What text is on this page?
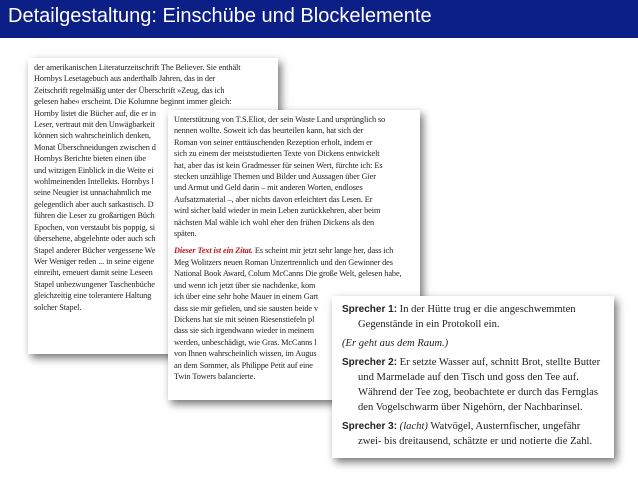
Detailgestaltung: Einschübe und Blockelemente

der amerikanischen Literaturzeitschrift The Believer. Sie enthält

Hornbys Lesetagebuch aus anderthalb Jahren, das in der

Zeitschrift regelmäßig unter der Überschrift »Zeug, das ich

gelesen habe« erscheint. Die Kolumne beginnt immer gleich:

Hornby listet die Bücher auf, die er in

Leser, vertraut mit den Unwägbarkeit

können sich wahrscheinlich denken,

Monat Überschneidungen zwischen d

Hornbys Berichte bieten einen übe

und witzigen Einblick in die Weite ei

wohlmeinenden Intellekts. Hornbys l

seine Neugier ist unnachahmlich me

gelegentlich aber auch sarkastisch. D

führen die Leser zu großartigen Büch

Epochen, von verstaubt bis poppig, si

übersehene, abgelehnte oder auch sch

Stapel anderer Bücher vergessene We

Wer Weniger reden ... in seine eigene

einreiht, erneuert damit seine Leseen

Stapel unbezwungener Taschenbüche

gleichzeitig eine tolerantere Haltung

solcher Stapel.

Unterstützung von T.S.Eliot, der sein Waste Land ursprünglich so

nennen wollte. Soweit ich das beurteilen kann, hat sich der

Roman von seiner enttäuschenden Rezeption erholt, indem er

sich zu einem der meiststudierten Texte von Dickens entwickelt

hat, aber das ist kein Gradmesser für seinen Wert, fürchte ich: Es

stecken unzählige Themen und Bilder und Aussagen über Gier

und Armut und Geld darin – mit anderen Worten, endloses

Aufsatzmaterial –, aber nichts davon erleichtert das Lesen. Er

wird sicher bald wieder in mein Leben zurückkehren, aber beim

nächsten Mal wähle ich wohl eher den frühen Dickens als den

späten.

Dieser Text ist ein Zitat. Es scheint mir jetzt sehr lange her, dass ich

Meg Wolitzers neuen Roman Unzertrennlich und den Gewinner des

National Book Award, Colum McCanns Die große Welt, gelesen habe,

und wenn ich jetzt über sie nachdenke, kom

ich über eine sehr hohe Mauer in einem Gart

dass sie mir gefielen, und sie sausten beide v

Dickens hat sie mit seinen Riesenstiefeln pl

dass sie sich irgendwann wieder in meinem

werden, unbeschädigt, wie Gras. McCanns l

von Ihnen wahrscheinlich wissen, im Augus

an dem Sommer, als Philippe Petit auf eine

Twin Towers balancierte.

Sprecher 1: In der Hütte trug er die angeschwemmten Gegenstände in ein Protokoll ein.

(Er geht aus dem Raum.)

Sprecher 2: Er setzte Wasser auf, schnitt Brot, stellte Butter und Marmelade auf den Tisch und goss den Tee auf. Während der Tee zog, beobachtete er durch das Fernglas den Vogelschwarm über Nigehörn, der Nachbarinsel.

Sprecher 3: (lacht) Watvögel, Austernfischer, ungefähr zwei- bis dreitausend, schätzte er und notierte die Zahl.
